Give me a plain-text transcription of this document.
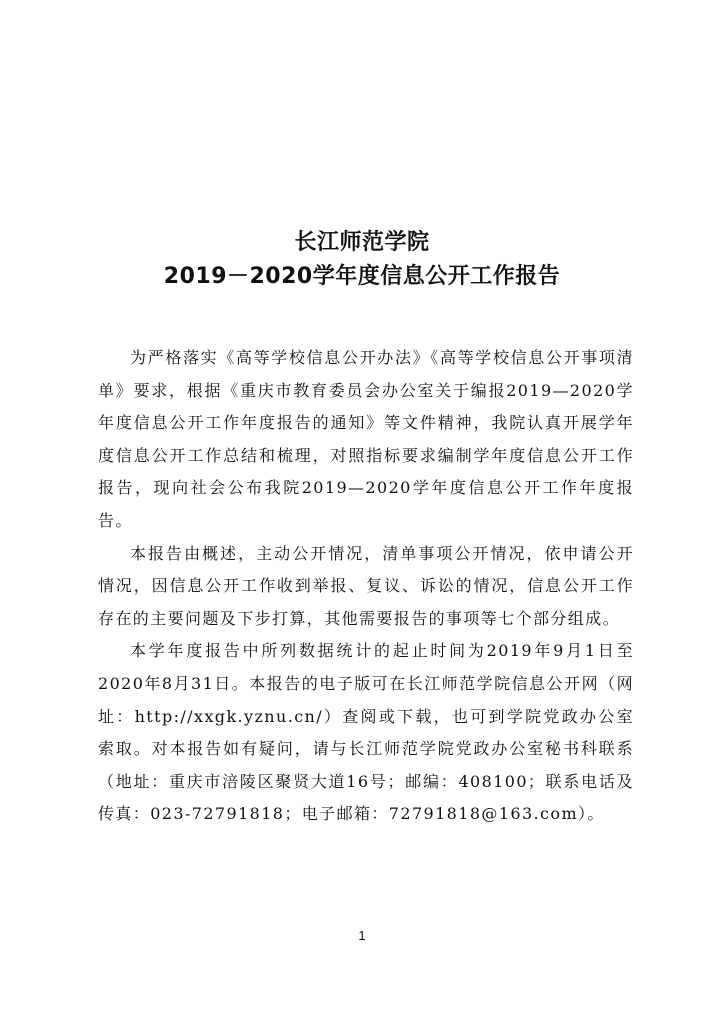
长江师范学院
2019－2020学年度信息公开工作报告

为严格落实《高等学校信息公开办法》《高等学校信息公开事项清单》要求，根据《重庆市教育委员会办公室关于编报2019—2020学年度信息公开工作年度报告的通知》等文件精神，我院认真开展学年度信息公开工作总结和梳理，对照指标要求编制学年度信息公开工作报告，现向社会公布我院2019—2020学年度信息公开工作年度报告。

本报告由概述，主动公开情况，清单事项公开情况，依申请公开情况，因信息公开工作收到举报、复议、诉讼的情况，信息公开工作存在的主要问题及下步打算，其他需要报告的事项等七个部分组成。

本学年度报告中所列数据统计的起止时间为2019年9月1日至2020年8月31日。本报告的电子版可在长江师范学院信息公开网（网址：http://xxgk.yznu.cn/）查阅或下载，也可到学院党政办公室索取。对本报告如有疑问，请与长江师范学院党政办公室秘书科联系（地址：重庆市涪陵区聚贤大道16号；邮编：408100；联系电话及传真：023-72791818；电子邮箱：72791818@163.com）。

1
